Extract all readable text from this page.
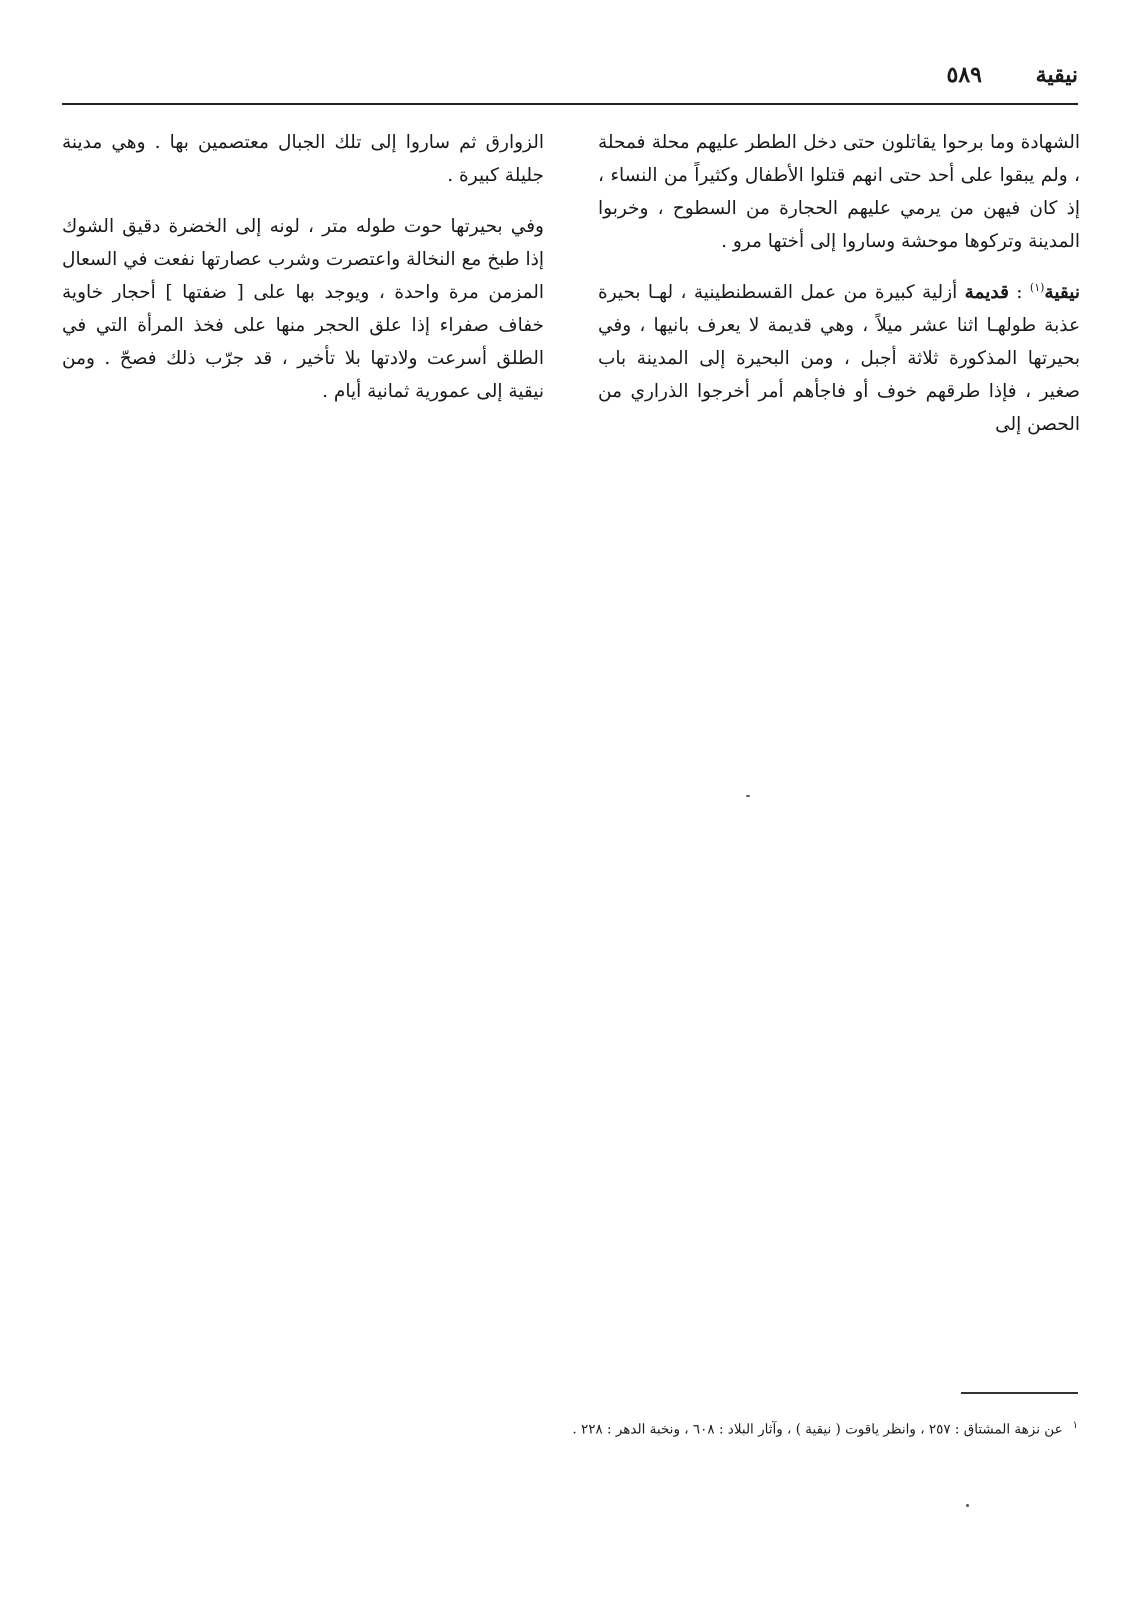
نيقية
٥٨٩

الشهادة وما برحوا يقاتلون حتى دخل الططر عليهم محلة فمحلة ، ولم يبقوا على أحد حتى انهم قتلوا الأطفال وكثيراً من النساء ، إذ كان فيهن من يرمي عليهم الحجارة من السطوح ، وخربوا المدينة وتركوها موحشة وساروا إلى أختها مرو .

نيقية$^{(١)}$ : قديمة أزلية كبيرة من عمل القسطنطينية ، لهـا بحيرة عذبة طولهـا اثنا عشر ميلاً ، وهي قديمة لا يعرف بانيها ، وفي بحيرتها المذكورة ثلاثة أجبل ، ومن البحيرة إلى المدينة باب صغير ، فإذا طرقهم خوف أو فاجأهم أمر أخرجوا الذراري من الحصن إلى

الزوارق ثم ساروا إلى تلك الجبال معتصمين بها . وهي مدينة جليلة كبيرة .

وفي بحيرتها حوت طوله متر ، لونه إلى الخضرة دقيق الشوك إذا طبخ مع النخالة واعتصرت وشرب عصارتها نفعت في السعال المزمن مرة واحدة ، ويوجد بها على [ ضفتها ] أحجار خاوية خفاف صفراء إذا علق الحجر منها على فخذ المرأة التي في الطلق أسرعت ولادتها بلا تأخير ، قد جرّب ذلك فصحّ . ومن نيقية إلى عمورية ثمانية أيام .

$^١$عن نزهة المشتاق : ٢٥٧ ، وانظر ياقوت ( نيقية ) ، وآثار البلاد : ٦٠٨ ، ونخبة الدهر : ٢٢٨ .
